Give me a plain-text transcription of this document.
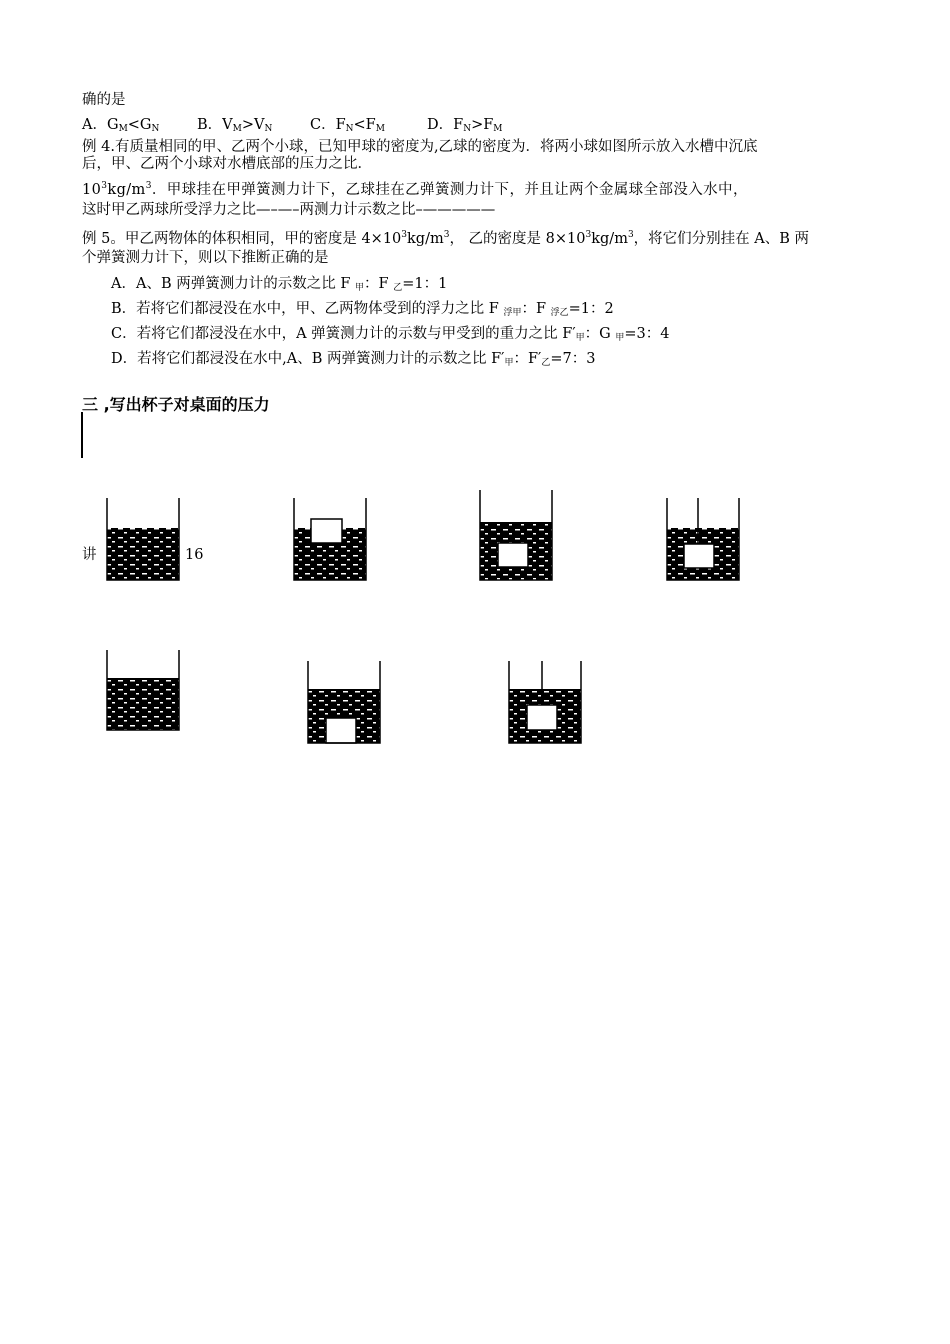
确的是
A．$G_M<G_N$	B．$V_M>V_N$	C．$F_N<F_M$	D．$F_N>F_M$
例 4.有质量相同的甲、乙两个小球，已知甲球的密度为,乙球的密度为．将两小球如图所示放入水槽中沉底
后，甲、乙两个小球对水槽底部的压力之比．
$10^3kg/m^3$．甲球挂在甲弹簧测力计下，乙球挂在乙弹簧测力计下，并且让两个金属球全部没入水中，
这时甲乙两球所受浮力之比—–—–两测力计示数之比–—————
例 5。甲乙两物体的体积相同，甲的密度是 $4\times 10^3kg/m^3$， 乙的密度是 $8\times 10^3kg/m^3$，将它们分别挂在 A、B 两
个弹簧测力计下，则以下推断正确的是
A．A、B 两弹簧测力计的示数之比 F $_甲$：F $_乙$=1：1
B．若将它们都浸没在水中，甲、乙两物体受到的浮力之比 F $_{浮甲}$：F $_{浮乙}$=1：2
C．若将它们都浸没在水中，A 弹簧测力计的示数与甲受到的重力之比 $F'_甲$：G $_甲$=3：4
D．若将它们都浸没在水中,A、B 两弹簧测力计的示数之比 $F'_甲$：$F'_乙=7$：3
三 ,写出杯子对桌面的压力
讲	16
